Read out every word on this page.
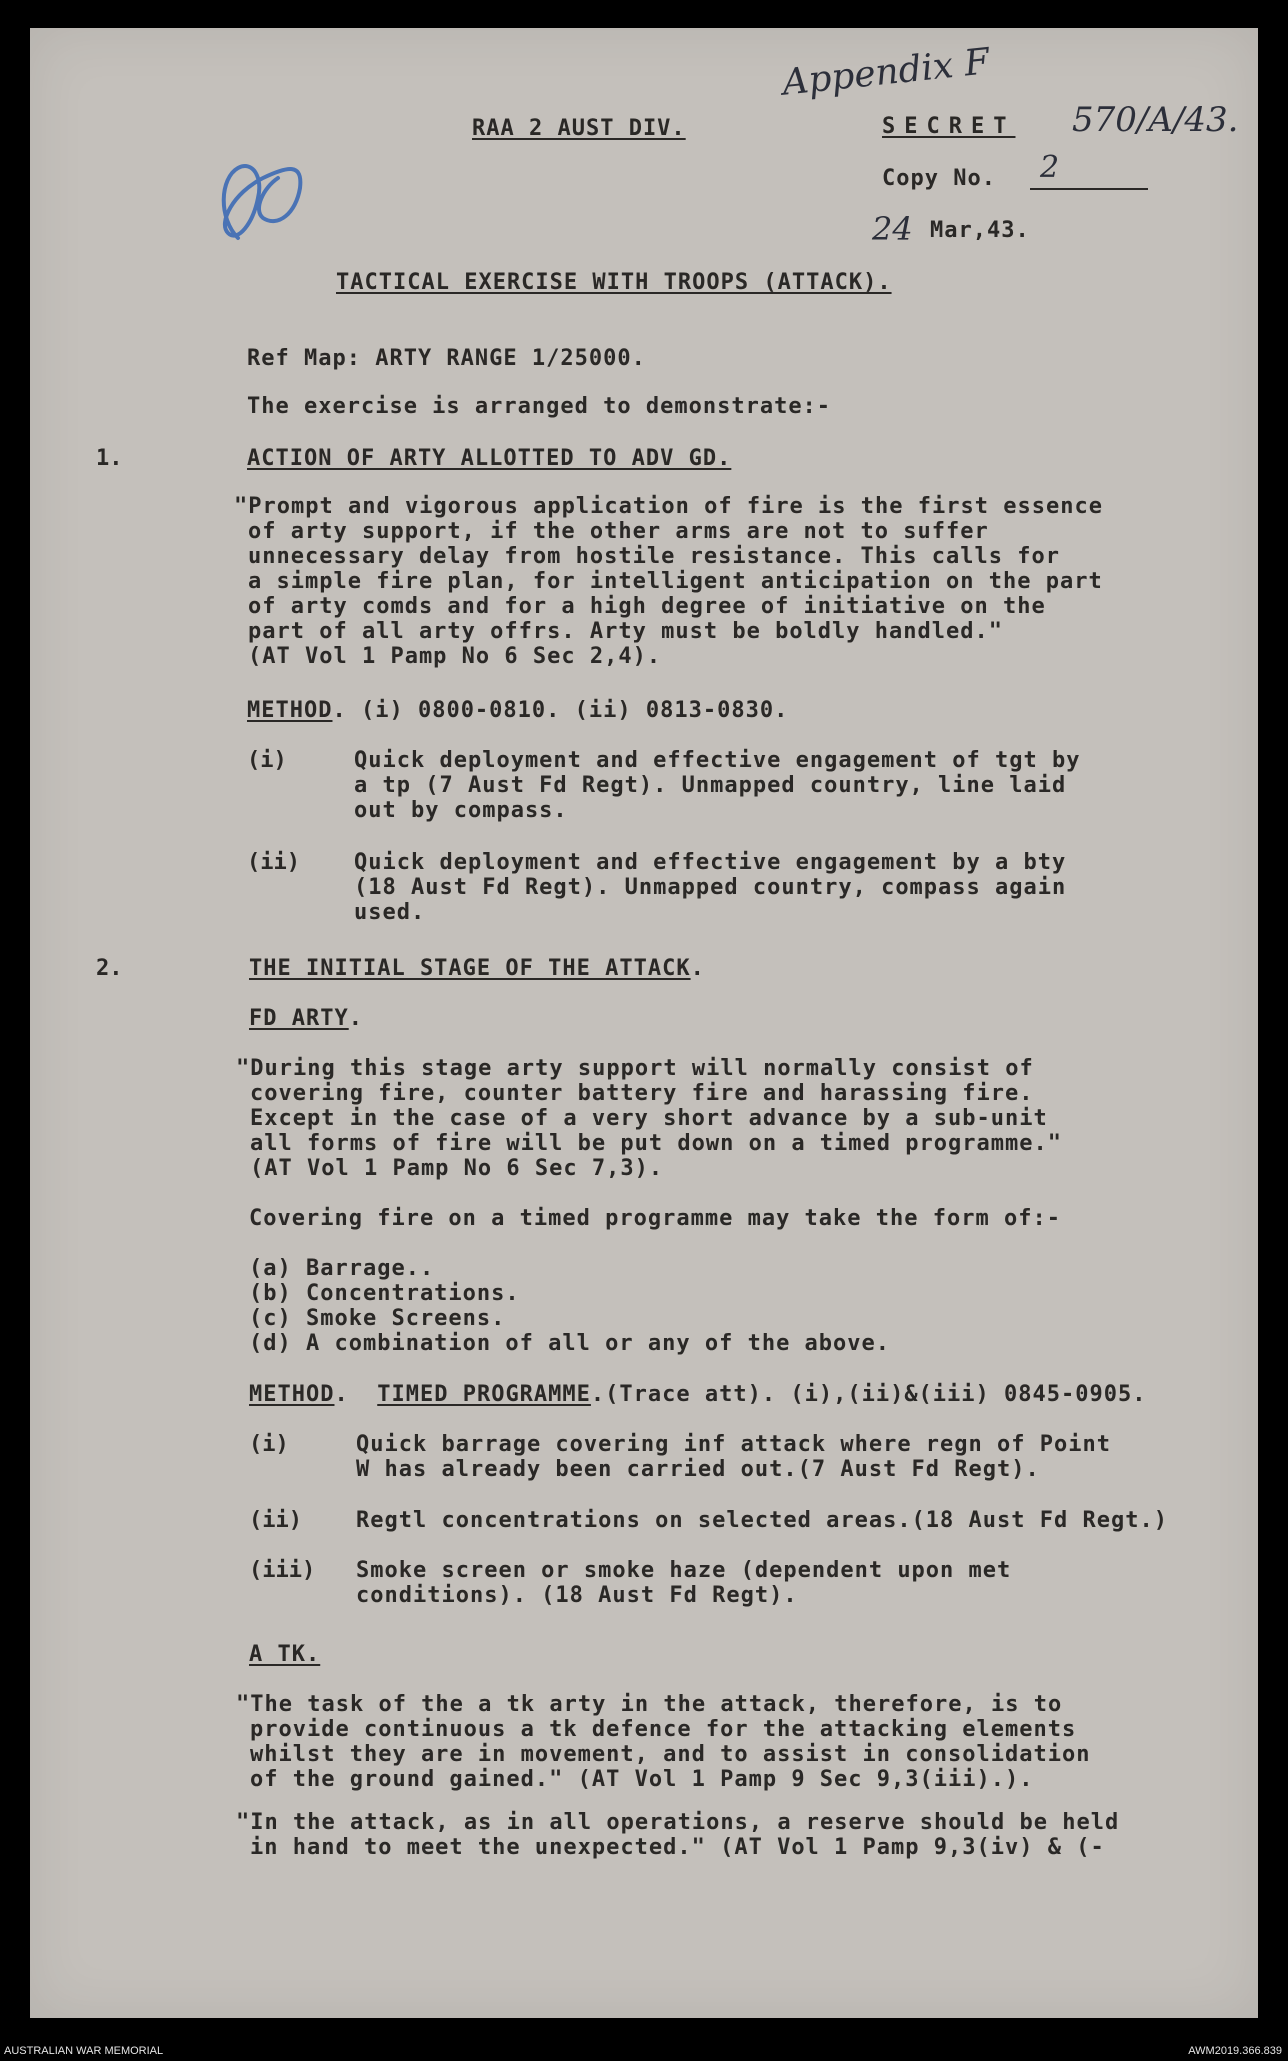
RAA 2 AUST DIV.	SECRET 570/A/43.
Appendix F
Copy No. 2
24 Mar,43.
TACTICAL EXERCISE WITH TROOPS (ATTACK).
Ref Map: ARTY RANGE 1/25000.
The exercise is arranged to demonstrate:-
1.	ACTION OF ARTY ALLOTTED TO ADV GD.
"Prompt and vigorous application of fire is the first essence
of arty support, if the other arms are not to suffer
unnecessary delay from hostile resistance. This calls for
a simple fire plan, for intelligent anticipation on the part
of arty comds and for a high degree of initiative on the
part of all arty offrs. Arty must be boldly handled."
(AT Vol 1 Pamp No 6 Sec 2,4).
METHOD. (i) 0800-0810. (ii) 0813-0830.
(i)	Quick deployment and effective engagement of tgt by
a tp (7 Aust Fd Regt). Unmapped country, line laid
out by compass.
(ii) Quick deployment and effective engagement by a bty
(18 Aust Fd Regt). Unmapped country, compass again
used.
2.	THE INITIAL STAGE OF THE ATTACK.
FD ARTY.
"During this stage arty support will normally consist of
covering fire, counter battery fire and harassing fire.
Except in the case of a very short advance by a sub-unit
all forms of fire will be put down on a timed programme."
(AT Vol 1 Pamp No 6 Sec 7,3).
Covering fire on a timed programme may take the form of:-
(a) Barrage..
(b) Concentrations.
(c) Smoke Screens.
(d) A combination of all or any of the above.
METHOD.  TIMED PROGRAMME.(Trace att). (i),(ii)&(iii) 0845-0905.
(i)	Quick barrage covering inf attack where regn of Point
W has already been carried out.(7 Aust Fd Regt).
(ii) Regtl concentrations on selected areas.(18 Aust Fd Regt.)
(iii) Smoke screen or smoke haze (dependent upon met
conditions). (18 Aust Fd Regt).
A TK.
"The task of the a tk arty in the attack, therefore, is to
provide continuous a tk defence for the attacking elements
whilst they are in movement, and to assist in consolidation
of the ground gained." (AT Vol 1 Pamp 9 Sec 9,3(iii).).
"In the attack, as in all operations, a reserve should be held
in hand to meet the unexpected." (AT Vol 1 Pamp 9,3(iv) & (-
AUSTRALIAN WAR MEMORIAL	AWM2019.366.839
